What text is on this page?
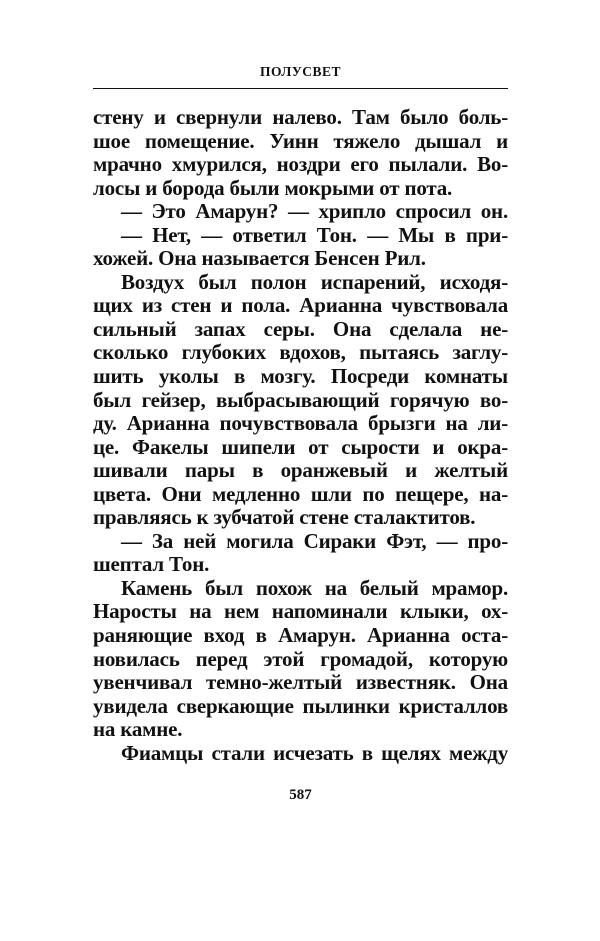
ПОЛУСВЕТ
стену и свернули налево. Там было боль-
шое помещение. Уинн тяжело дышал и
мрачно хмурился, ноздри его пылали. Во-
лосы и борода были мокрыми от пота.
— Это Амарун? — хрипло спросил он.
— Нет, — ответил Тон. — Мы в при-
хожей. Она называется Бенсен Рил.
Воздух был полон испарений, исходя-
щих из стен и пола. Арианна чувствовала
сильный запах серы. Она сделала не-
сколько глубоких вдохов, пытаясь заглу-
шить уколы в мозгу. Посреди комнаты
был гейзер, выбрасывающий горячую во-
ду. Арианна почувствовала брызги на ли-
це. Факелы шипели от сырости и окра-
шивали пары в оранжевый и желтый
цвета. Они медленно шли по пещере, на-
правляясь к зубчатой стене сталактитов.
— За ней могила Сираки Фэт, — про-
шептал Тон.
Камень был похож на белый мрамор.
Наросты на нем напоминали клыки, ох-
раняющие вход в Амарун. Арианна оста-
новилась перед этой громадой, которую
увенчивал темно-желтый известняк. Она
увидела сверкающие пылинки кристаллов
на камне.
Фиамцы стали исчезать в щелях между
587
